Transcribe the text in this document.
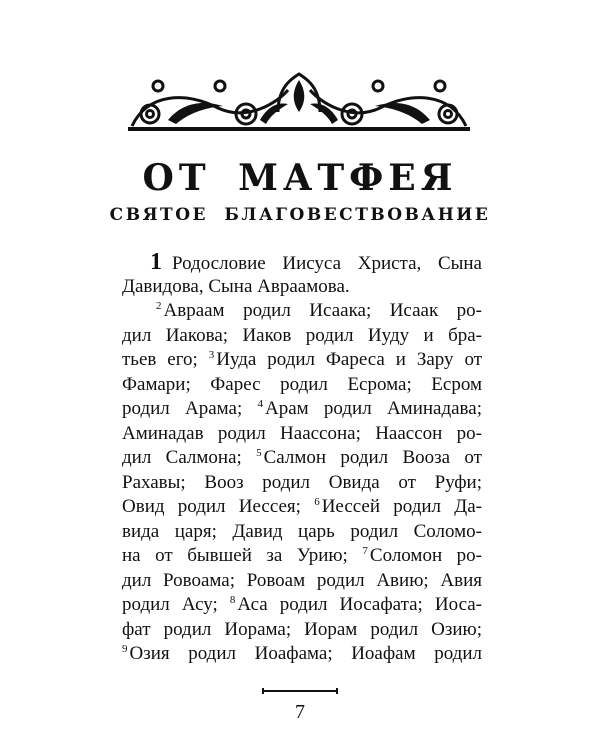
ОТ МАТФЕЯ
СВЯТОЕ БЛАГОВЕСТВОВАНИЕ
1 Родословие Иисуса Христа, Сына
Давидова, Сына Авраамова.
$^2$ Авраам родил Исаака; Исаак ро-
дил Иакова; Иаков родил Иуду и бра-
тьев его; $^3$ Иуда родил Фареса и Зару от
Фамари; Фарес родил Есрома; Есром
родил Арама; $^4$ Арам родил Аминадава;
Аминадав родил Наассона; Наассон ро-
дил Салмона; $^5$ Салмон родил Вооза от
Рахавы; Вооз родил Овида от Руфи;
Овид родил Иессея; $^6$ Иессей родил Да-
вида царя; Давид царь родил Соломо-
на от бывшей за Урию; $^7$ Соломон ро-
дил Ровоама; Ровоам родил Авию; Авия
родил Асу; $^8$ Аса родил Иосафата; Иоса-
фат родил Иорама; Иорам родил Озию;
$^9$ Озия родил Иоафама; Иоафам родил
7
